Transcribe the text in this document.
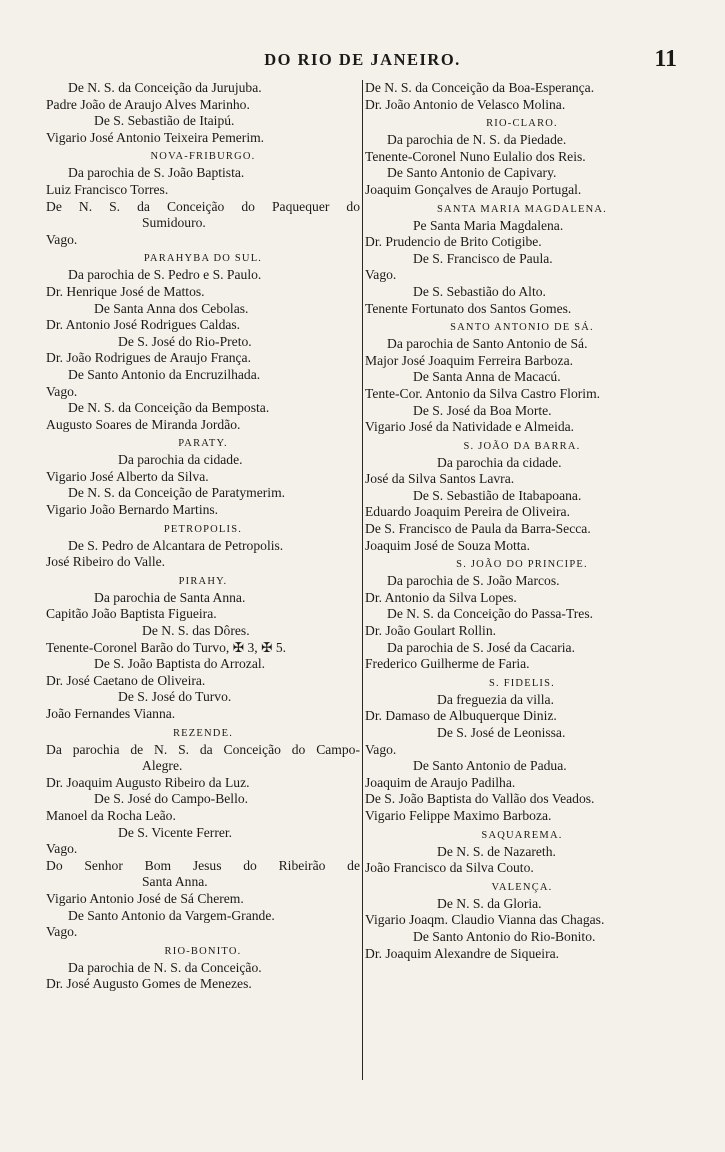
DO RIO DE JANEIRO.	11
De N. S. da Conceição da Jurujuba.
Padre João de Araujo Alves Marinho.
De S. Sebastião de Itaipú.
Vigario José Antonio Teixeira Pemerim.
NOVA-FRIBURGO.
Da parochia de S. João Baptista.
Luiz Francisco Torres.
De N. S. da Conceição do Paquequer do
Sumidouro.
Vago.
PARAHYBA DO SUL.
Da parochia de S. Pedro e S. Paulo.
Dr. Henrique José de Mattos.
De Santa Anna dos Cebolas.
Dr. Antonio José Rodrigues Caldas.
De S. José do Rio-Preto.
Dr. João Rodrigues de Araujo França.
De Santo Antonio da Encruzilhada.
Vago.
De N. S. da Conceição da Bemposta.
Augusto Soares de Miranda Jordão.
PARATY.
Da parochia da cidade.
Vigario José Alberto da Silva.
De N. S. da Conceição de Paratymerim.
Vigario João Bernardo Martins.
PETROPOLIS.
De S. Pedro de Alcantara de Petropolis.
José Ribeiro do Valle.
PIRAHY.
Da parochia de Santa Anna.
Capitão João Baptista Figueira.
De N. S. das Dôres.
Tenente-Coronel Barão do Turvo, ✠ 3, ✠ 5.
De S. João Baptista do Arrozal.
Dr. José Caetano de Oliveira.
De S. José do Turvo.
João Fernandes Vianna.
REZENDE.
Da parochia de N. S. da Conceição do Campo-
Alegre.
Dr. Joaquim Augusto Ribeiro da Luz.
De S. José do Campo-Bello.
Manoel da Rocha Leão.
De S. Vicente Ferrer.
Vago.
Do Senhor Bom Jesus do Ribeirão de
Santa Anna.
Vigario Antonio José de Sá Cherem.
De Santo Antonio da Vargem-Grande.
Vago.
RIO-BONITO.
Da parochia de N. S. da Conceição.
Dr. José Augusto Gomes de Menezes.
De N. S. da Conceição da Boa-Esperança.
Dr. João Antonio de Velasco Molina.
RIO-CLARO.
Da parochia de N. S. da Piedade.
Tenente-Coronel Nuno Eulalio dos Reis.
De Santo Antonio de Capivary.
Joaquim Gonçalves de Araujo Portugal.
SANTA MARIA MAGDALENA.
Pe Santa Maria Magdalena.
Dr. Prudencio de Brito Cotigibe.
De S. Francisco de Paula.
Vago.
De S. Sebastião do Alto.
Tenente Fortunato dos Santos Gomes.
SANTO ANTONIO DE SÁ.
Da parochia de Santo Antonio de Sá.
Major José Joaquim Ferreira Barboza.
De Santa Anna de Macacú.
Tente-Cor. Antonio da Silva Castro Florim.
De S. José da Boa Morte.
Vigario José da Natividade e Almeida.
S. JOÃO DA BARRA.
Da parochia da cidade.
José da Silva Santos Lavra.
De S. Sebastião de Itabapoana.
Eduardo Joaquim Pereira de Oliveira.
De S. Francisco de Paula da Barra-Secca.
Joaquim José de Souza Motta.
S. JOÃO DO PRINCIPE.
Da parochia de S. João Marcos.
Dr. Antonio da Silva Lopes.
De N. S. da Conceição do Passa-Tres.
Dr. João Goulart Rollin.
Da parochia de S. José da Cacaria.
Frederico Guilherme de Faria.
S. FIDELIS.
Da freguezia da villa.
Dr. Damaso de Albuquerque Diniz.
De S. José de Leonissa.
Vago.
De Santo Antonio de Padua.
Joaquim de Araujo Padilha.
De S. João Baptista do Vallão dos Veados.
Vigario Felippe Maximo Barboza.
SAQUAREMA.
De N. S. de Nazareth.
João Francisco da Silva Couto.
VALENÇA.
De N. S. da Gloria.
Vigario Joaqm. Claudio Vianna das Chagas.
De Santo Antonio do Rio-Bonito.
Dr. Joaquim Alexandre de Siqueira.
